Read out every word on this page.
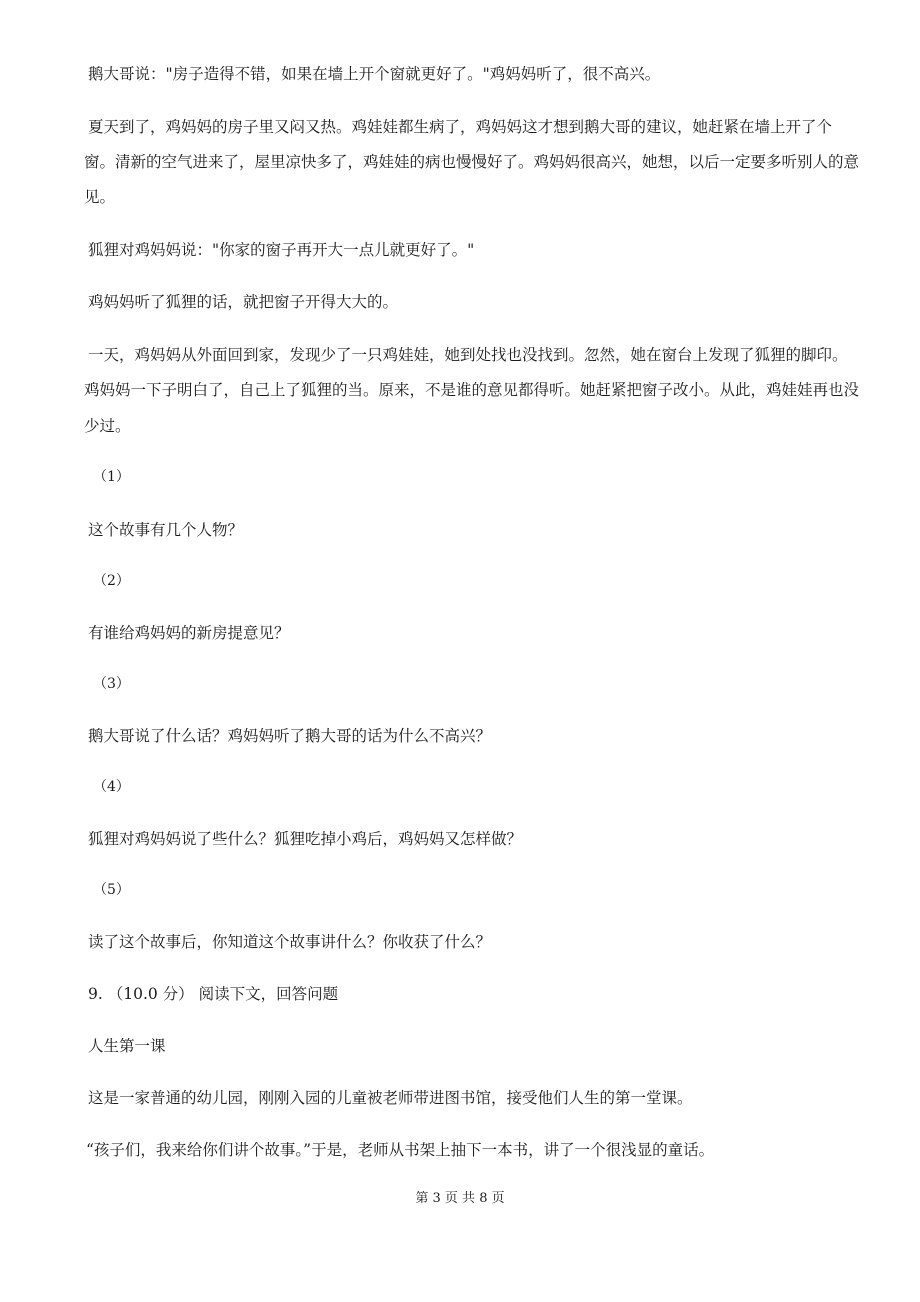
鹅大哥说："房子造得不错，如果在墙上开个窗就更好了。"鸡妈妈听了，很不高兴。
夏天到了，鸡妈妈的房子里又闷又热。鸡娃娃都生病了，鸡妈妈这才想到鹅大哥的建议，她赶紧在墙上开了个
窗。清新的空气进来了，屋里凉快多了，鸡娃娃的病也慢慢好了。鸡妈妈很高兴，她想，以后一定要多听别人的意
见。
狐狸对鸡妈妈说："你家的窗子再开大一点儿就更好了。"
鸡妈妈听了狐狸的话，就把窗子开得大大的。
一天，鸡妈妈从外面回到家，发现少了一只鸡娃娃，她到处找也没找到。忽然，她在窗台上发现了狐狸的脚印。
鸡妈妈一下子明白了，自己上了狐狸的当。原来，不是谁的意见都得听。她赶紧把窗子改小。从此，鸡娃娃再也没
少过。
（1）
这个故事有几个人物？
（2）
有谁给鸡妈妈的新房提意见？
（3）
鹅大哥说了什么话？鸡妈妈听了鹅大哥的话为什么不高兴？
（4）
狐狸对鸡妈妈说了些什么？狐狸吃掉小鸡后，鸡妈妈又怎样做？
（5）
读了这个故事后，你知道这个故事讲什么？你收获了什么？
9. （10.0 分） 阅读下文，回答问题
人生第一课
这是一家普通的幼儿园，刚刚入园的儿童被老师带进图书馆，接受他们人生的第一堂课。
“孩子们，我来给你们讲个故事。”于是，老师从书架上抽下一本书，讲了一个很浅显的童话。
第 3 页 共 8 页
